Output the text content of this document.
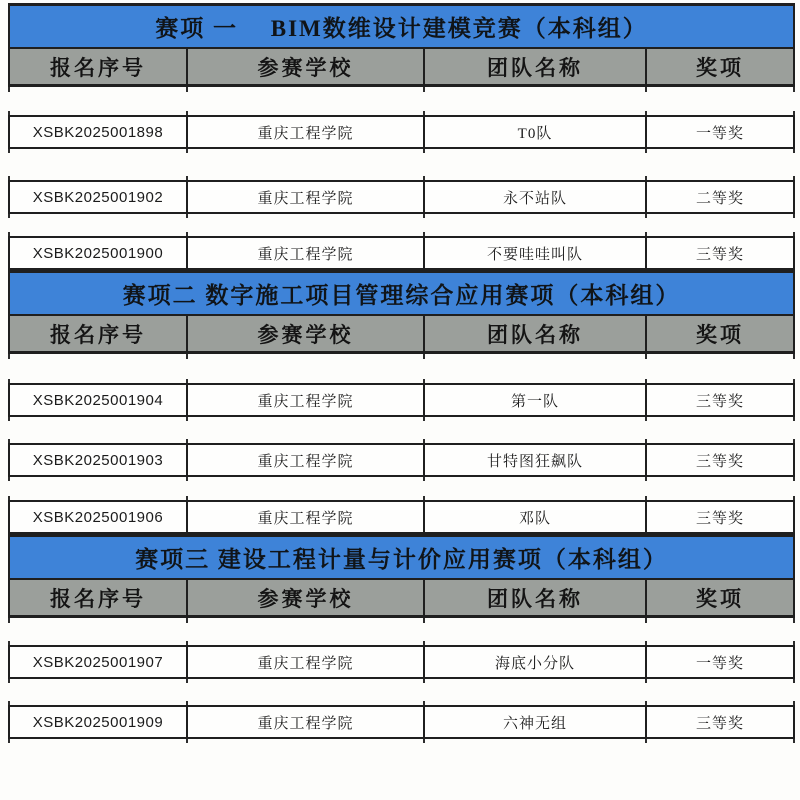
赛项 一　 BIM数维设计建模竞赛（本科组）
报名序号	参赛学校	团队名称	奖项
XSBK2025001898	重庆工程学院	T0队	一等奖
XSBK2025001902	重庆工程学院	永不站队	二等奖
XSBK2025001900	重庆工程学院	不要哇哇叫队	三等奖
赛项二 数字施工项目管理综合应用赛项（本科组）
报名序号	参赛学校	团队名称	奖项
XSBK2025001904	重庆工程学院	第一队	三等奖
XSBK2025001903	重庆工程学院	甘特图狂飙队	三等奖
XSBK2025001906	重庆工程学院	邓队	三等奖
赛项三 建设工程计量与计价应用赛项（本科组）
报名序号	参赛学校	团队名称	奖项
XSBK2025001907	重庆工程学院	海底小分队	一等奖
XSBK2025001909	重庆工程学院	六神无组	三等奖
